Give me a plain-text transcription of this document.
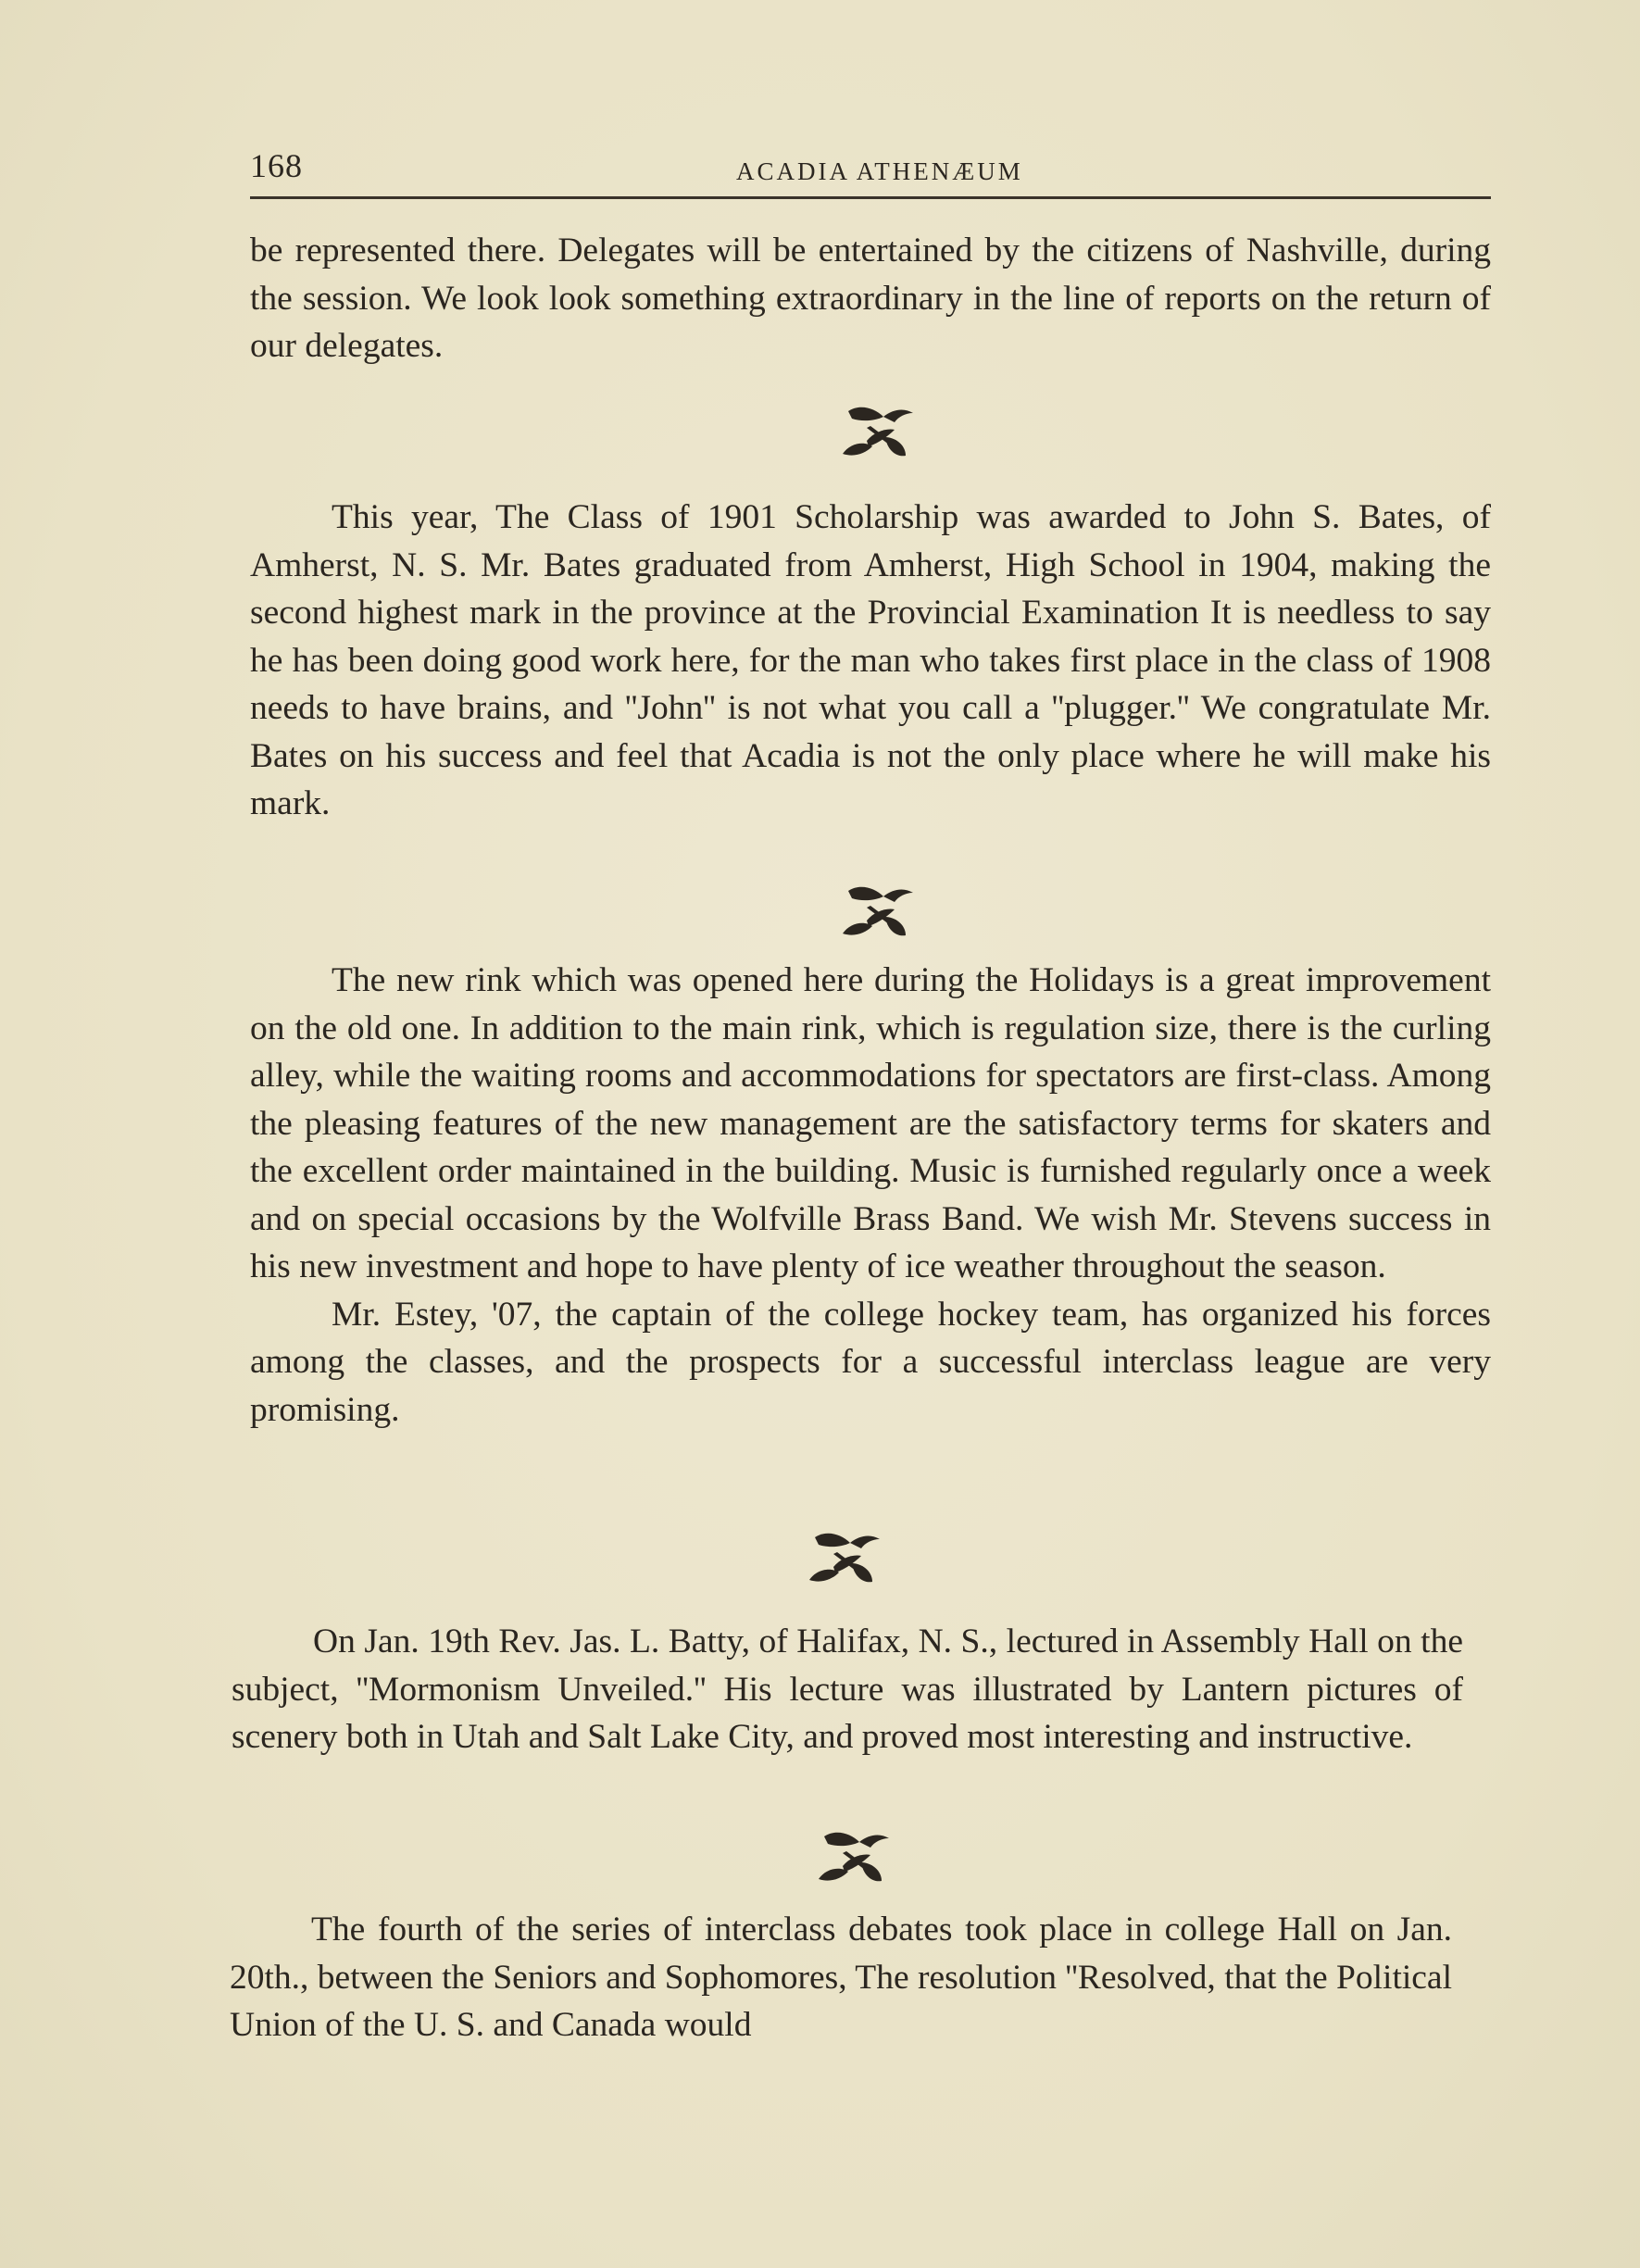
168	ACADIA ATHENÆUM

be represented there. Delegates will be entertained by the citizens of Nashville, during the session. We look look something extraordinary in the line of reports on the return of our delegates.

This year, The Class of 1901 Scholarship was awarded to John S. Bates, of Amherst, N. S. Mr. Bates graduated from Amherst, High School in 1904, making the second highest mark in the province at the Provincial Examination It is needless to say he has been doing good work here, for the man who takes first place in the class of 1908 needs to have brains, and ''John'' is not what you call a ''plugger.'' We congratulate Mr. Bates on his success and feel that Acadia is not the only place where he will make his mark.

The new rink which was opened here during the Holidays is a great improvement on the old one. In addition to the main rink, which is regulation size, there is the curling alley, while the waiting rooms and accommodations for spectators are first-class. Among the pleasing features of the new management are the satisfactory terms for skaters and the excellent order maintained in the building. Music is furnished regularly once a week and on special occasions by the Wolfville Brass Band. We wish Mr. Stevens success in his new investment and hope to have plenty of ice weather throughout the season.

Mr. Estey, '07, the captain of the college hockey team, has organized his forces among the classes, and the prospects for a successful interclass league are very promising.

On Jan. 19th Rev. Jas. L. Batty, of Halifax, N. S., lectured in Assembly Hall on the subject, ''Mormonism Unveiled.'' His lecture was illustrated by Lantern pictures of scenery both in Utah and Salt Lake City, and proved most interesting and instructive.

The fourth of the series of interclass debates took place in college Hall on Jan. 20th., between the Seniors and Sophomores, The resolution ''Resolved, that the Political Union of the U. S. and Canada would
